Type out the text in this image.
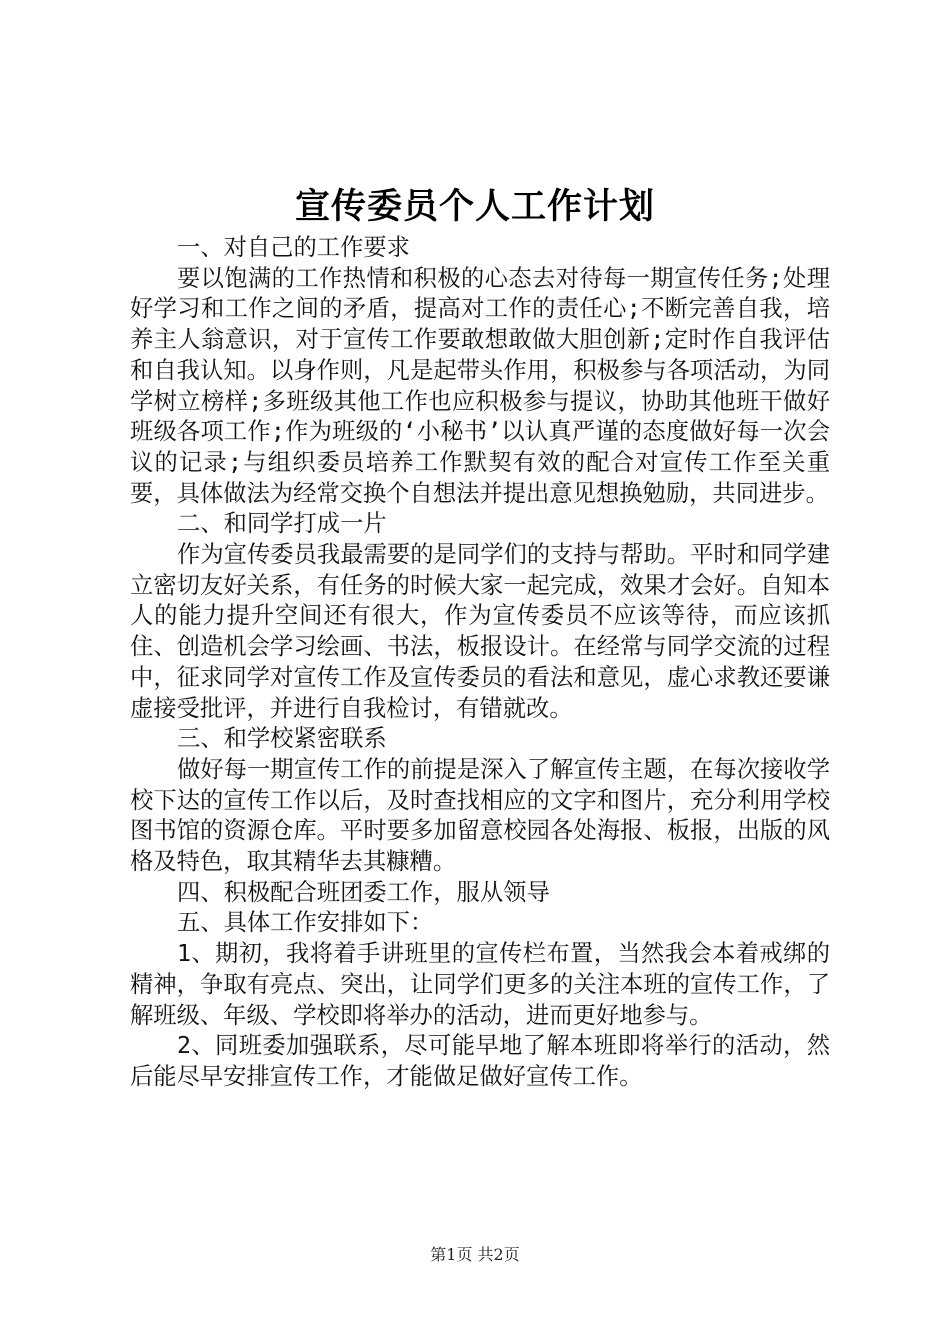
宣传委员个人工作计划

一、对自己的工作要求

要以饱满的工作热情和积极的心态去对待每一期宣传任务;处理好学习和工作之间的矛盾，提高对工作的责任心;不断完善自我，培养主人翁意识，对于宣传工作要敢想敢做大胆创新;定时作自我评估和自我认知。以身作则，凡是起带头作用，积极参与各项活动，为同学树立榜样;多班级其他工作也应积极参与提议，协助其他班干做好班级各项工作;作为班级的‘小秘书’以认真严谨的态度做好每一次会议的记录;与组织委员培养工作默契有效的配合对宣传工作至关重要，具体做法为经常交换个自想法并提出意见想换勉励，共同进步。

二、和同学打成一片

作为宣传委员我最需要的是同学们的支持与帮助。平时和同学建立密切友好关系，有任务的时候大家一起完成，效果才会好。自知本人的能力提升空间还有很大，作为宣传委员不应该等待，而应该抓住、创造机会学习绘画、书法，板报设计。在经常与同学交流的过程中，征求同学对宣传工作及宣传委员的看法和意见，虚心求教还要谦虚接受批评，并进行自我检讨，有错就改。

三、和学校紧密联系

做好每一期宣传工作的前提是深入了解宣传主题，在每次接收学校下达的宣传工作以后，及时查找相应的文字和图片，充分利用学校图书馆的资源仓库。平时要多加留意校园各处海报、板报，出版的风格及特色，取其精华去其糠糟。

四、积极配合班团委工作，服从领导

五、具体工作安排如下：

1、期初，我将着手讲班里的宣传栏布置，当然我会本着戒绑的精神，争取有亮点、突出，让同学们更多的关注本班的宣传工作，了解班级、年级、学校即将举办的活动，进而更好地参与。

2、同班委加强联系，尽可能早地了解本班即将举行的活动，然后能尽早安排宣传工作，才能做足做好宣传工作。

第1页 共2页
